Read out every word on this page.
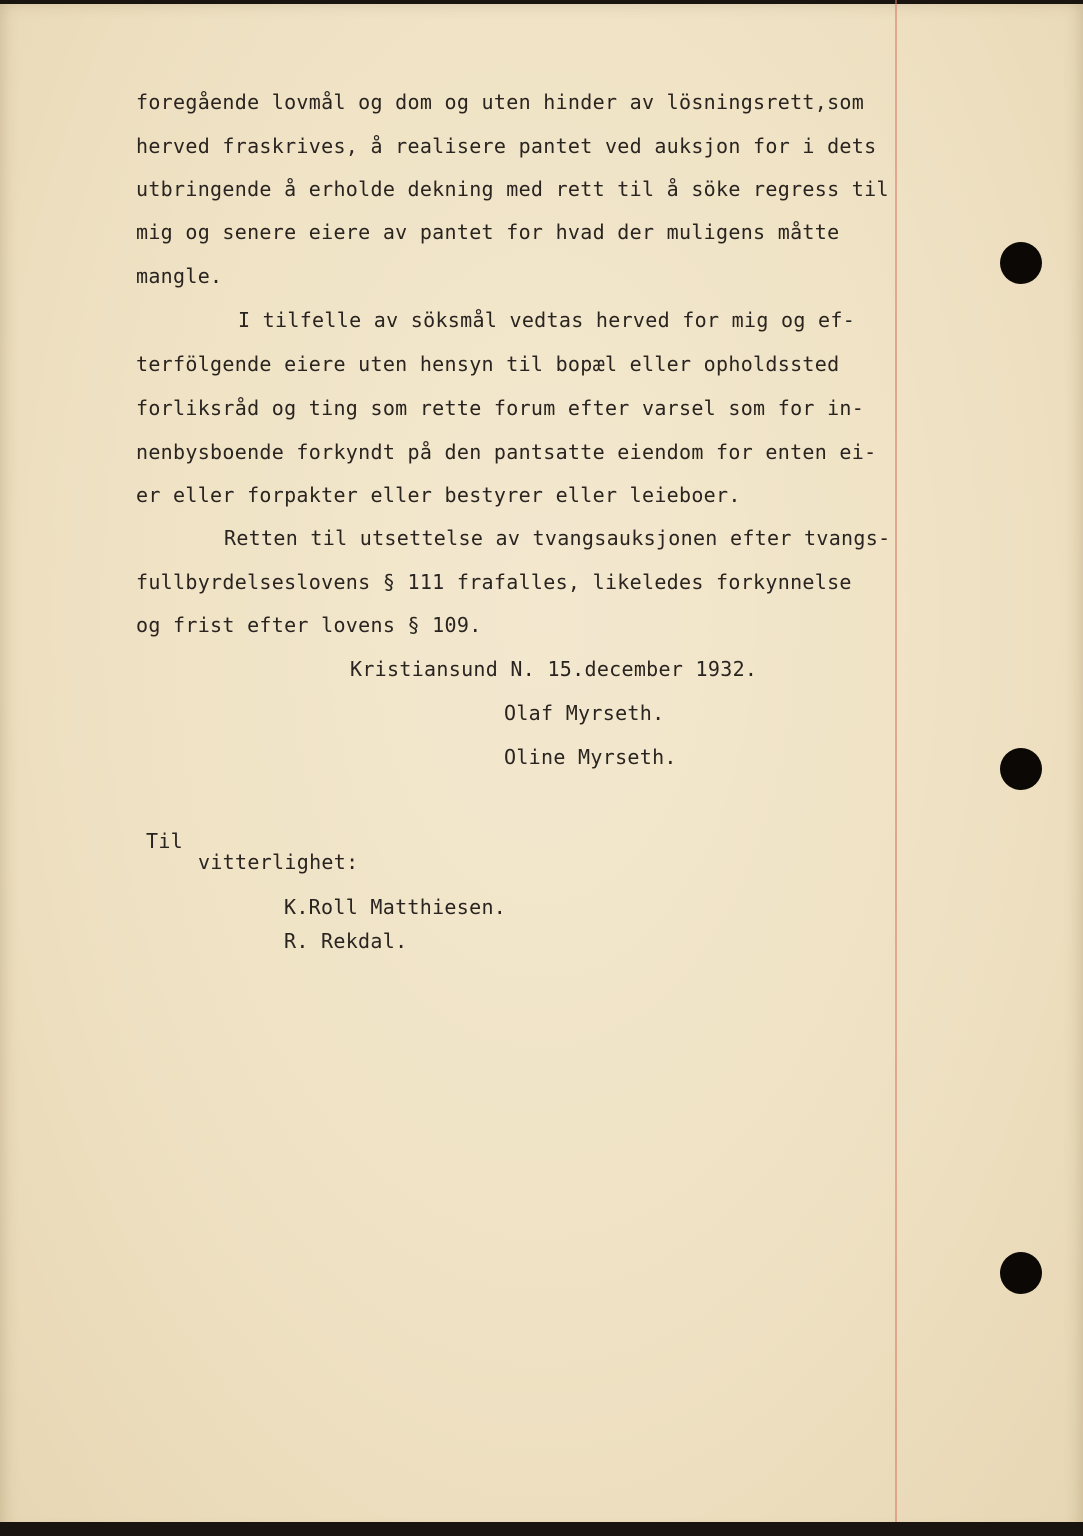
foregående lovmål og dom og uten hinder av lösningsrett,som
herved fraskrives, å realisere pantet ved auksjon for i dets
utbringende å erholde dekning med rett til å söke regress til
mig og senere eiere av pantet for hvad der muligens måtte
mangle.
I tilfelle av söksmål vedtas herved for mig og ef-
terfölgende eiere uten hensyn til bopæl eller opholdssted
forliksråd og ting som rette forum efter varsel som for in-
nenbysboende forkyndt på den pantsatte eiendom for enten ei-
er eller forpakter eller bestyrer eller leieboer.
Retten til utsettelse av tvangsauksjonen efter tvangs-
fullbyrdelseslovens § 111 frafalles, likeledes forkynnelse
og frist efter lovens § 109.
Kristiansund N. 15.december 1932.
Olaf Myrseth.
Oline Myrseth.
Til
vitterlighet:
K.Roll Matthiesen.
R. Rekdal.
